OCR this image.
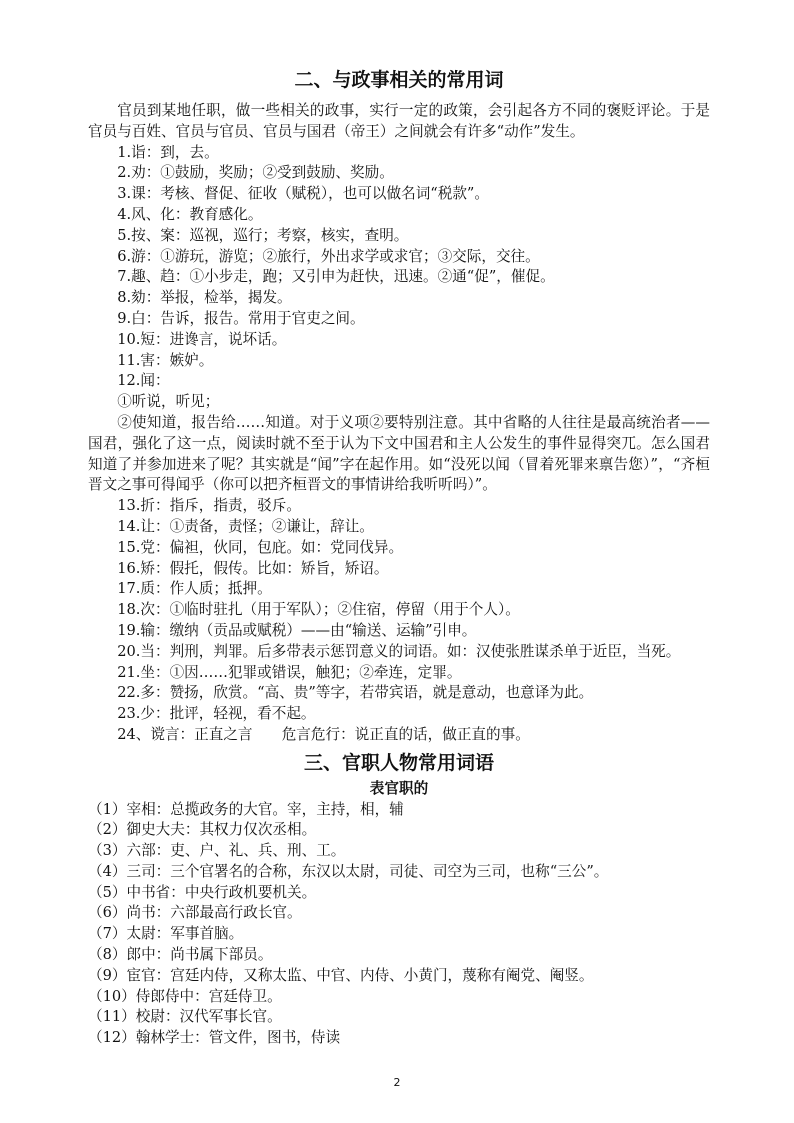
二、与政事相关的常用词

官员到某地任职，做一些相关的政事，实行一定的政策，会引起各方不同的褒贬评论。于是官员与百姓、官员与官员、官员与国君（帝王）之间就会有许多“动作”发生。

1.诣：到，去。

2.劝：①鼓励，奖励；②受到鼓励、奖励。

3.课：考核、督促、征收（赋税），也可以做名词“税款”。

4.风、化：教育感化。

5.按、案：巡视，巡行；考察，核实，查明。

6.游：①游玩，游览；②旅行，外出求学或求官；③交际，交往。

7.趣、趋：①小步走，跑；又引申为赶快，迅速。②通“促”，催促。

8.劾：举报，检举，揭发。

9.白：告诉，报告。常用于官吏之间。

10.短：进谗言，说坏话。

11.害：嫉妒。

12.闻：

①听说，听见；

②使知道，报告给……知道。对于义项②要特别注意。其中省略的人往往是最高统治者——国君，强化了这一点，阅读时就不至于认为下文中国君和主人公发生的事件显得突兀。怎么国君知道了并参加进来了呢？其实就是“闻”字在起作用。如“没死以闻（冒着死罪来禀告您）”，“齐桓晋文之事可得闻乎（你可以把齐桓晋文的事情讲给我听听吗）”。

13.折：指斥，指责，驳斥。

14.让：①责备，责怪；②谦让，辞让。

15.党：偏袒，伙同，包庇。如：党同伐异。

16.矫：假托，假传。比如：矫旨，矫诏。

17.质：作人质；抵押。

18.次：①临时驻扎（用于军队）；②住宿，停留（用于个人）。

19.输：缴纳（贡品或赋税）——由“输送、运输”引申。

20.当：判刑，判罪。后多带表示惩罚意义的词语。如：汉使张胜谋杀单于近臣，当死。

21.坐：①因……犯罪或错误，触犯；②牵连，定罪。

22.多：赞扬，欣赏。“高、贵”等字，若带宾语，就是意动，也意译为此。

23.少：批评，轻视，看不起。

24、谠言：正直之言　　危言危行：说正直的话，做正直的事。

三、官职人物常用词语
表官职的

（1）宰相：总揽政务的大官。宰，主持，相，辅

（2）御史大夫：其权力仅次丞相。

（3）六部：吏、户、礼、兵、刑、工。

（4）三司：三个官署名的合称，东汉以太尉，司徒、司空为三司，也称“三公”。

（5）中书省：中央行政机要机关。

（6）尚书：六部最高行政长官。

（7）太尉：军事首脑。

（8）郎中：尚书属下部员。

（9）宦官：宫廷内侍，又称太监、中官、内侍、小黄门，蔑称有阉党、阉竖。

（10）侍郎侍中：宫廷侍卫。

（11）校尉：汉代军事长官。

（12）翰林学士：管文件，图书，侍读

2
